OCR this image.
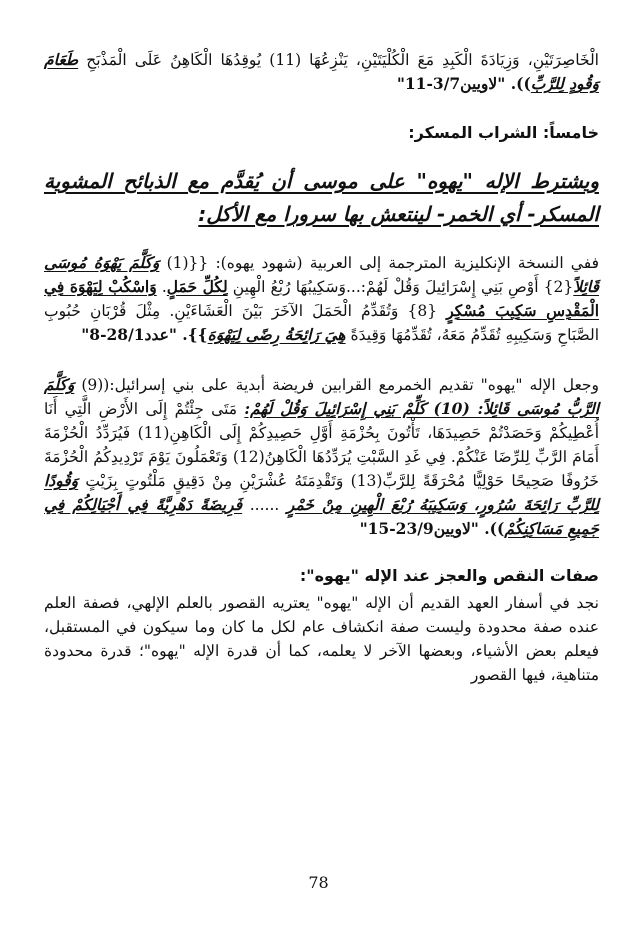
الْخَاصِرَتَيْنِ، وَزِيَادَةَ الْكَبِدِ مَعَ الْكُلْيَتَيْنِ، يَنْزِعُهَا (11) يُوقِدُهَا الْكَاهِنُ عَلَى الْمَذْبَحِ طَعَامَ وَقُودٍ لِلرَّبِّ)). "لاويين3/7-11"

خامساً: الشراب المسكر:

ويشترط الإله "يهوه" على موسى أن يُقدَّم مع الذبائح المشوية المسكر- أي الخمر- لينتعش بها سرورا مع الأكل:

ففي النسخة الإنكليزية المترجمة إلى العربية (شهود يهوه): {{(1) وَكَلَّمَ يَهْوَهُ مُوسَى قَائِلاً{2} أَوْصِ بَنِي إِسْرَائِيلَ وَقُلْ لَهُمْ:...وَسَكِيبُهَا رُبْعُ الْهِينِ لِكُلِّ حَمَلٍ. وَاسْكُبْ لِيَهْوَهَ فِي الْمَقْدِسِ سَكِيبَ مُسْكِرٍ {8} وَتُقَدِّمُ الْحَمَلَ الآخَرَ بَيْنَ الْعَشَاءَيْنِ. مِثْلَ قُرْبَانِ حُبُوبِ الصَّبَاحِ وَسَكِيبِهِ تُقَدِّمُ مَعَهُ، تُقَدِّمُهَا وَقِيدَةً هِيَ رَائِحَةُ رِضًى لِيَهْوَهَ}}. "عدد28/1-8"

وجعل الإله "يهوه" تقديم الخمرمع القرابين فريضة أبدية على بني إسرائيل:((9) وَكَلَّمَ الرَّبُّ مُوسَى قَائِلاً: (10) كَلِّمْ بَنِي إِسْرَائِيلَ وَقُلْ لَهُمْ: مَتَى جِئْتُمْ إِلَى الأَرْضِ الَّتِي أَنَا أُعْطِيكُمْ وَحَصَدْتُمْ حَصِيدَهَا، تَأْتُونَ بِحُزْمَةِ أَوَّلِ حَصِيدِكُمْ إِلَى الْكَاهِنِ(11) فَيُرَدِّدُ الْحُزْمَةَ أَمَامَ الرَّبِّ لِلرِّضَا عَنْكُمْ. فِي غَدِ السَّبْتِ يُرَدِّدُهَا الْكَاهِنُ(12) وَتَعْمَلُونَ يَوْمَ تَرْدِيدِكُمُ الْحُزْمَةَ خَرُوفًا صَحِيحًا حَوْلِيًّا مُحْرَقَةً لِلرَّبِّ(13) وَتَقْدِمَتَهُ عُشْرَيْنِ مِنْ دَقِيقٍ مَلْتُوتٍ بِزَيْتٍ وَقُودًا لِلرَّبِّ رَائِحَةَ سُرُورٍ، وَسَكِيبَهُ رُبْعَ الْهِينِ مِنْ خَمْرٍ ...... فَرِيضَةً دَهْرِيَّةً فِي أَجْيَالِكُمْ فِي جَمِيعِ مَسَاكِنِكُمْ)). "لاويين23/9-15"

صفات النقص والعجز عند الإله "يهوه":

نجد في أسفار العهد القديم أن الإله "يهوه" يعتريه القصور بالعلم الإلهي، فصفة العلم عنده صفة محدودة وليست صفة انكشاف عام لكل ما كان وما سيكون في المستقبل، فيعلم بعض الأشياء، وبعضها الآخر لا يعلمه، كما أن قدرة الإله "يهوه"؛ قدرة محدودة متناهية، فيها القصور

78
